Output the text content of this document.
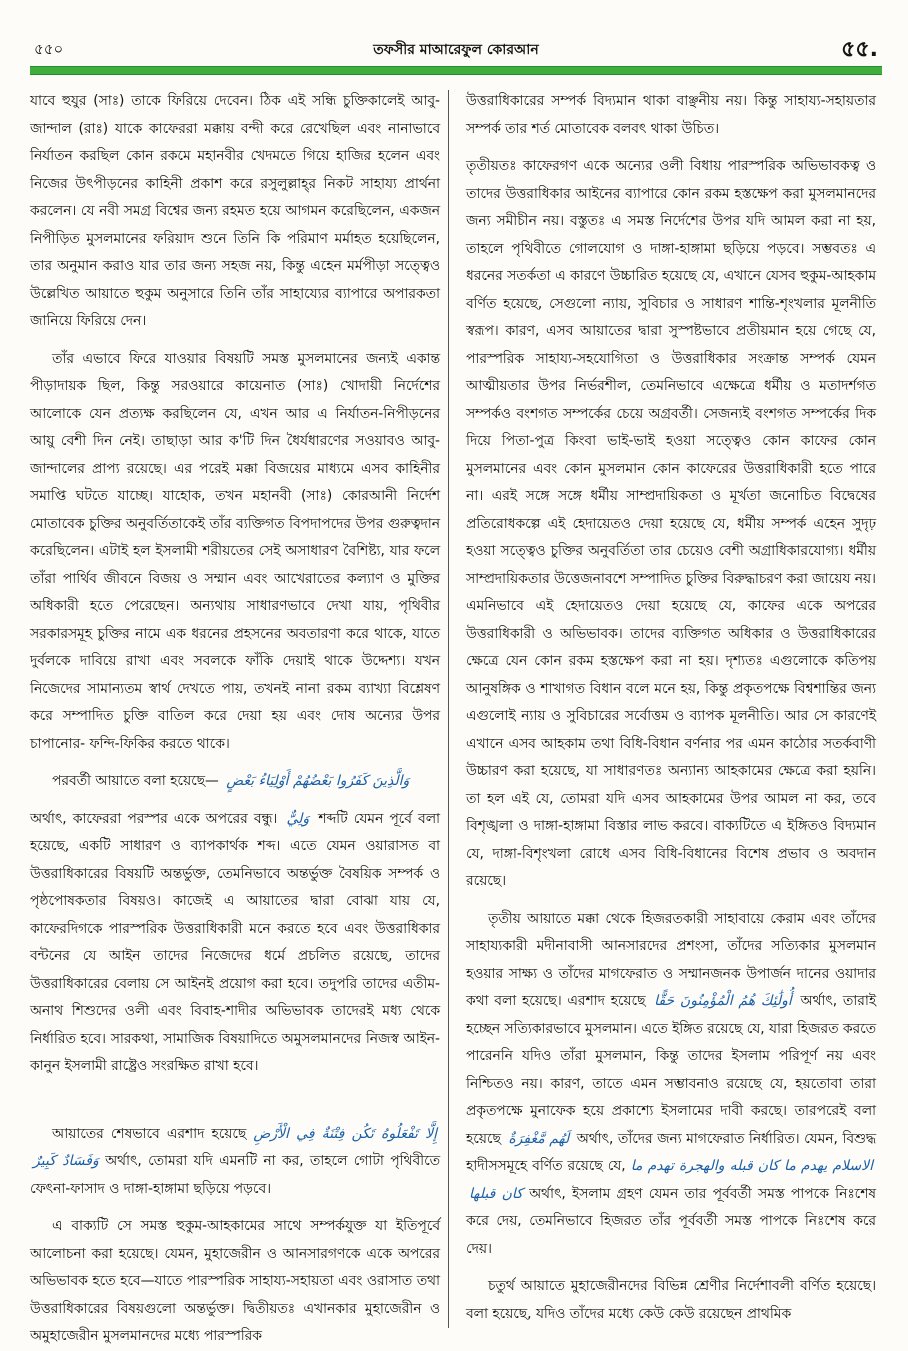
৫৫০	তফসীর মাআরেফুল কোরআন	৫৫.

যাবে হুযুর (সাঃ) তাকে ফিরিয়ে দেবেন। ঠিক এই সন্ধি চুক্তিকালেই আবু-জান্দাল (রাঃ) যাকে কাফেররা মক্কায় বন্দী করে রেখেছিল এবং নানাভাবে নির্যাতন করছিল কোন রকমে মহানবীর খেদমতে গিয়ে হাজির হলেন এবং নিজের উৎপীড়নের কাহিনী প্রকাশ করে রসুলুল্লাহ্‌র নিকট সাহায্য প্রার্থনা করলেন। যে নবী সমগ্র বিশ্বের জন্য রহমত হয়ে আগমন করেছিলেন, একজন নিপীড়িত মুসলমানের ফরিয়াদ শুনে তিনি কি পরিমাণ মর্মাহত হয়েছিলেন, তার অনুমান করাও যার তার জন্য সহজ নয়, কিন্তু এহেন মর্মপীড়া সত্ত্বেও উল্লেখিত আয়াতে হুকুম অনুসারে তিনি তাঁর সাহায্যের ব্যাপারে অপারকতা জানিয়ে ফিরিয়ে দেন।

তাঁর এভাবে ফিরে যাওয়ার বিষয়টি সমস্ত মুসলমানের জন্যই একান্ত পীড়াদায়ক ছিল, কিন্তু সরওয়ারে কায়েনাত (সাঃ) খোদায়ী নির্দেশের আলোকে যেন প্রত্যক্ষ করছিলেন যে, এখন আর এ নির্যাতন-নিপীড়নের আয়ু বেশী দিন নেই। তাছাড়া আর ক'টি দিন ধৈর্যধারণের সওয়াবও আবু-জান্দালের প্রাপ্য রয়েছে। এর পরেই মক্কা বিজয়ের মাধ্যমে এসব কাহিনীর সমাপ্তি ঘটতে যাচ্ছে। যাহোক, তখন মহানবী (সাঃ) কোরআনী নির্দেশ মোতাবেক চুক্তির অনুবর্তিতাকেই তাঁর ব্যক্তিগত বিপদাপদের উপর গুরুত্বদান করেছিলেন। এটাই হল ইসলামী শরীয়তের সেই অসাধারণ বৈশিষ্ট্য, যার ফলে তাঁরা পার্থিব জীবনে বিজয় ও সম্মান এবং আখেরাতের কল্যাণ ও মুক্তির অধিকারী হতে পেরেছেন। অন্যথায় সাধারণভাবে দেখা যায়, পৃথিবীর সরকারসমূহ চুক্তির নামে এক ধরনের প্রহসনের অবতারণা করে থাকে, যাতে দুর্বলকে দাবিয়ে রাখা এবং সবলকে ফাঁকি দেয়াই থাকে উদ্দেশ্য। যখন নিজেদের সামান্যতম স্বার্থ দেখতে পায়, তখনই নানা রকম ব্যাখ্যা বিশ্লেষণ করে সম্পাদিত চুক্তি বাতিল করে দেয়া হয় এবং দোষ অন্যের উপর চাপানোর- ফন্দি-ফিকির করতে থাকে।

পরবর্তী আয়াতে বলা হয়েছে— وَالَّذِينَ كَفَرُوا بَعْضُهُمْ أَوْلِيَاءُ بَعْضٍ

অর্থাৎ, কাফেররা পরস্পর একে অপরের বন্ধু। وَلِيٌّ শব্দটি যেমন পূর্বে বলা হয়েছে, একটি সাধারণ ও ব্যাপকার্থক শব্দ। এতে যেমন ওয়ারাসত বা উত্তরাধিকারের বিষয়টি অন্তর্ভুক্ত, তেমনিভাবে অন্তর্ভুক্ত বৈষয়িক সম্পর্ক ও পৃষ্ঠপোষকতার বিষয়ও। কাজেই এ আয়াতের দ্বারা বোঝা যায় যে, কাফেরদিগকে পারস্পরিক উত্তরাধিকারী মনে করতে হবে এবং উত্তরাধিকার বন্টনের যে আইন তাদের নিজেদের ধর্মে প্রচলিত রয়েছে, তাদের উত্তরাধিকারের বেলায় সে আইনই প্রয়োগ করা হবে। তদুপরি তাদের এতীম-অনাথ শিশুদের ওলী এবং বিবাহ-শাদীর অভিভাবক তাদেরই মধ্য থেকে নির্ধারিত হবে। সারকথা, সামাজিক বিষয়াদিতে অমুসলমানদের নিজস্ব আইন-কানুন ইসলামী রাষ্ট্রেও সংরক্ষিত রাখা হবে।

আয়াতের শেষভাবে এরশাদ হয়েছে إِلَّا تَفْعَلُوهُ تَكُن فِتْنَةٌ فِي الْأَرْضِ وَفَسَادٌ كَبِيرٌ অর্থাৎ, তোমরা যদি এমনটি না কর, তাহলে গোটা পৃথিবীতে ফেৎনা-ফাসাদ ও দাঙ্গা-হাঙ্গামা ছড়িয়ে পড়বে।

এ বাক্যটি সে সমস্ত হুকুম-আহকামের সাথে সম্পর্কযুক্ত যা ইতিপূর্বে আলোচনা করা হয়েছে। যেমন, মুহাজেরীন ও আনসারগণকে একে অপরের অভিভাবক হতে হবে—যাতে পারস্পরিক সাহায্য-সহায়তা এবং ওরাসাত তথা উত্তরাধিকারের বিষয়গুলো অন্তর্ভুক্ত। দ্বিতীয়তঃ এখানকার মুহাজেরীন ও অমুহাজেরীন মুসলমানদের মধ্যে পারস্পরিক

উত্তরাধিকারের সম্পর্ক বিদ্যমান থাকা বাঞ্ছনীয় নয়। কিন্তু সাহায্য-সহায়তার সম্পর্ক তার শর্ত মোতাবেক বলবৎ থাকা উচিত।

তৃতীয়তঃ কাফেরগণ একে অন্যের ওলী বিধায় পারস্পরিক অভিভাবকত্ব ও তাদের উত্তরাধিকার আইনের ব্যাপারে কোন রকম হস্তক্ষেপ করা মুসলমানদের জন্য সমীচীন নয়। বস্তুতঃ এ সমস্ত নির্দেশের উপর যদি আমল করা না হয়, তাহলে পৃথিবীতে গোলযোগ ও দাঙ্গা-হাঙ্গামা ছড়িয়ে পড়বে। সম্ভবতঃ এ ধরনের সতর্কতা এ কারণে উচ্চারিত হয়েছে যে, এখানে যেসব হুকুম-আহকাম বর্ণিত হয়েছে, সেগুলো ন্যায়, সুবিচার ও সাধারণ শান্তি-শৃংখলার মূলনীতি স্বরূপ। কারণ, এসব আয়াতের দ্বারা সুস্পষ্টভাবে প্রতীয়মান হয়ে গেছে যে, পারস্পরিক সাহায্য-সহযোগিতা ও উত্তরাধিকার সংক্রান্ত সম্পর্ক যেমন আত্মীয়তার উপর নির্ভরশীল, তেমনিভাবে এক্ষেত্রে ধর্মীয় ও মতাদর্শগত সম্পর্কও বংশগত সম্পর্কের চেয়ে অগ্রবর্তী। সেজন্যই বংশগত সম্পর্কের দিক দিয়ে পিতা-পুত্র কিংবা ভাই-ভাই হওয়া সত্ত্বেও কোন কাফের কোন মুসলমানের এবং কোন মুসলমান কোন কাফেরের উত্তরাধিকারী হতে পারে না। এরই সঙ্গে সঙ্গে ধর্মীয় সাম্প্রদায়িকতা ও মূর্খতা জনোচিত বিদ্বেষের প্রতিরোধকল্পে এই হেদায়েতও দেয়া হয়েছে যে, ধর্মীয় সম্পর্ক এহেন সুদৃঢ় হওয়া সত্ত্বেও চুক্তির অনুবর্তিতা তার চেয়েও বেশী অগ্রাধিকারযোগ্য। ধর্মীয় সাম্প্রদায়িকতার উত্তেজনাবশে সম্পাদিত চুক্তির বিরুদ্ধাচরণ করা জায়েয নয়। এমনিভাবে এই হেদায়েতও দেয়া হয়েছে যে, কাফের একে অপরের উত্তরাধিকারী ও অভিভাবক। তাদের ব্যক্তিগত অধিকার ও উত্তরাধিকারের ক্ষেত্রে যেন কোন রকম হস্তক্ষেপ করা না হয়। দৃশ্যতঃ এগুলোকে কতিপয় আনুষঙ্গিক ও শাখাগত বিধান বলে মনে হয়, কিন্তু প্রকৃতপক্ষে বিশ্বশান্তির জন্য এগুলোই ন্যায় ও সুবিচারের সর্বোত্তম ও ব্যাপক মূলনীতি। আর সে কারণেই এখানে এসব আহকাম তথা বিধি-বিধান বর্ণনার পর এমন কাঠোর সতর্কবাণী উচ্চারণ করা হয়েছে, যা সাধারণতঃ অন্যান্য আহকামের ক্ষেত্রে করা হয়নি। তা হল এই যে, তোমরা যদি এসব আহকামের উপর আমল না কর, তবে বিশৃঙ্খলা ও দাঙ্গা-হাঙ্গামা বিস্তার লাভ করবে। বাক্যটিতে এ ইঙ্গিতও বিদ্যমান যে, দাঙ্গা-বিশৃংখলা রোধে এসব বিধি-বিধানের বিশেষ প্রভাব ও অবদান রয়েছে।

তৃতীয় আয়াতে মক্কা থেকে হিজরতকারী সাহাবায়ে কেরাম এবং তাঁদের সাহায্যকারী মদীনাবাসী আনসারদের প্রশংসা, তাঁদের সত্যিকার মুসলমান হওয়ার সাক্ষ্য ও তাঁদের মাগফেরাত ও সম্মানজনক উপার্জন দানের ওয়াদার কথা বলা হয়েছে। এরশাদ হয়েছে أُولَٰئِكَ هُمُ الْمُؤْمِنُونَ حَقًّا অর্থাৎ, তারাই হচ্ছেন সত্যিকারভাবে মুসলমান। এতে ইঙ্গিত রয়েছে যে, যারা হিজরত করতে পারেননি যদিও তাঁরা মুসলমান, কিন্তু তাদের ইসলাম পরিপূর্ণ নয় এবং নিশ্চিতও নয়। কারণ, তাতে এমন সম্ভাবনাও রয়েছে যে, হয়তোবা তারা প্রকৃতপক্ষে মুনাফেক হয়ে প্রকাশ্যে ইসলামের দাবী করছে। তারপরেই বলা হয়েছে لَهُم مَّغْفِرَةٌ অর্থাৎ, তাঁদের জন্য মাগফেরাত নির্ধারিত। যেমন, বিশুদ্ধ হাদীসসমূহে বর্ণিত রয়েছে যে, الاسلام يهدم ما كان قبله والهجرة تهدم ما كان قبلها অর্থাৎ, ইসলাম গ্রহণ যেমন তার পূর্ববর্তী সমস্ত পাপকে নিঃশেষ করে দেয়, তেমনিভাবে হিজরত তাঁর পূর্ববর্তী সমস্ত পাপকে নিঃশেষ করে দেয়।

চতুর্থ আয়াতে মুহাজেরীনদের বিভিন্ন শ্রেণীর নির্দেশাবলী বর্ণিত হয়েছে। বলা হয়েছে, যদিও তাঁদের মধ্যে কেউ কেউ রয়েছেন প্রাথমিক
